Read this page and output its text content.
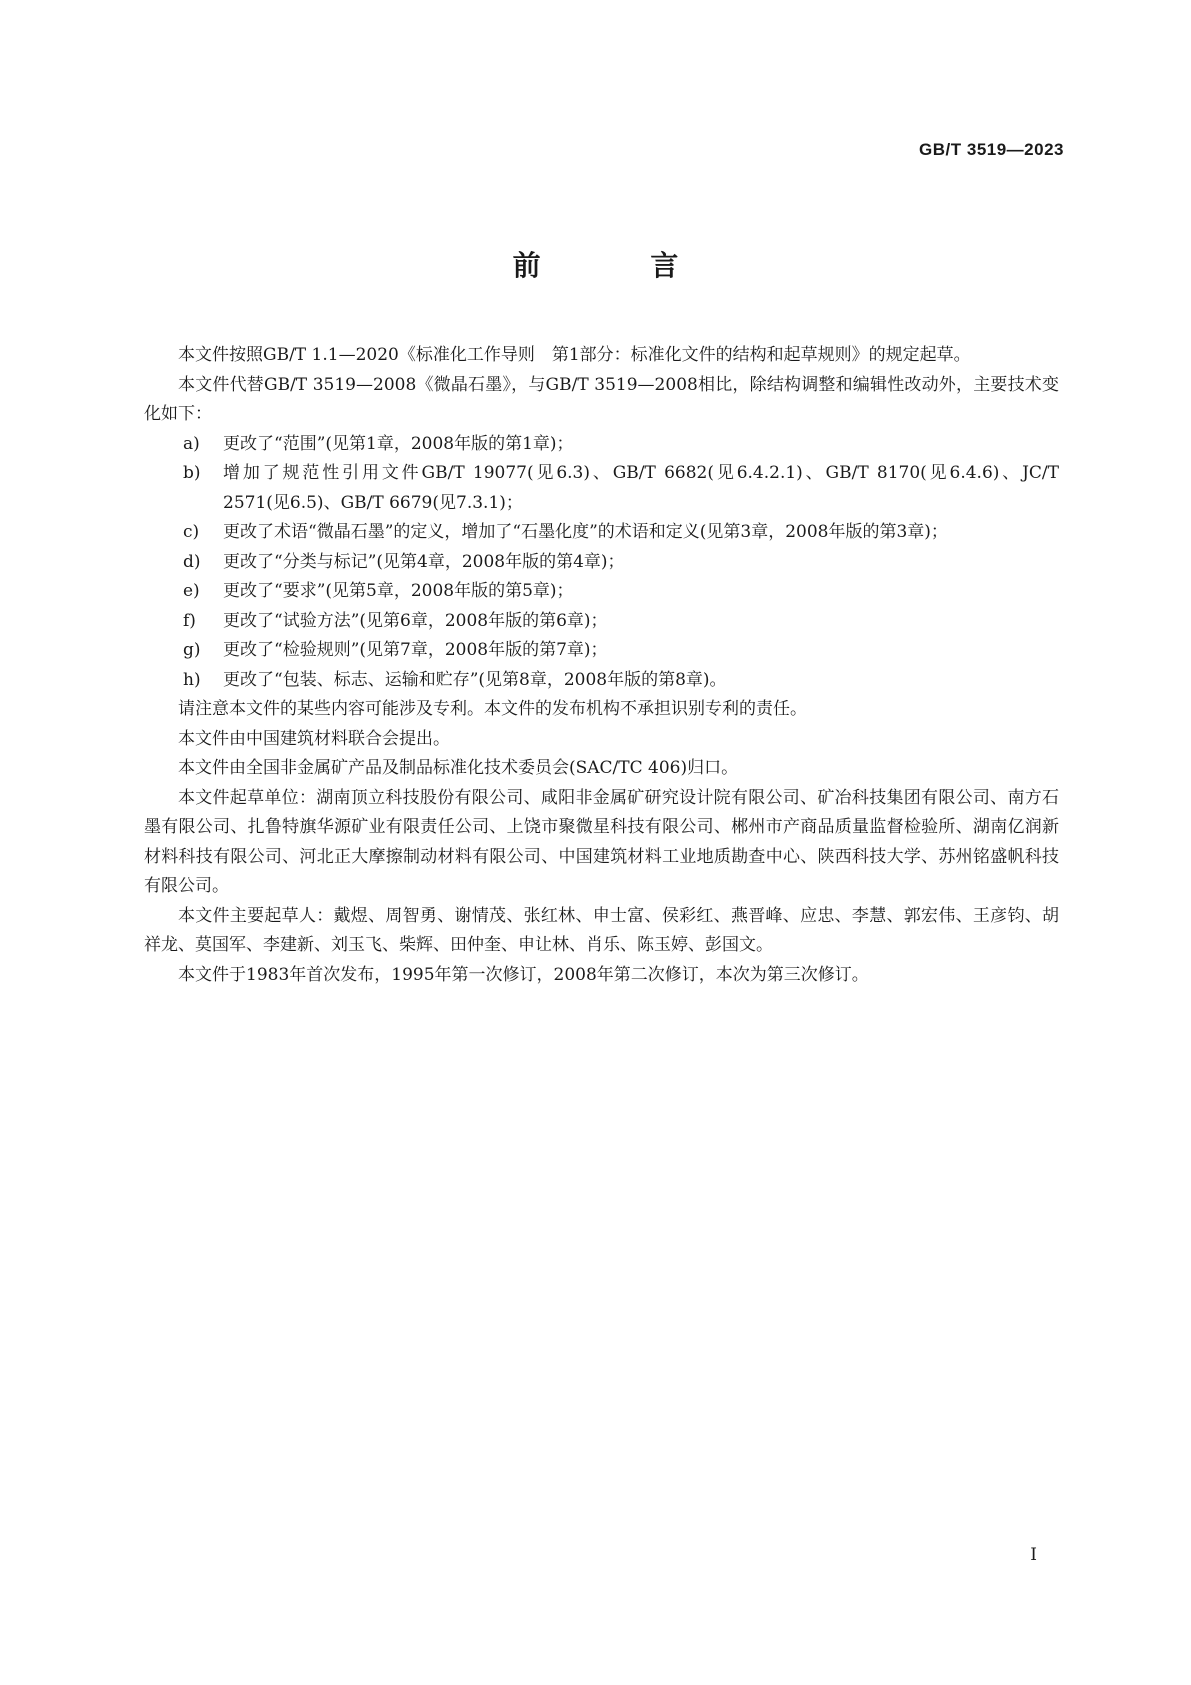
GB/T 3519—2023
前 言

本文件按照GB/T 1.1—2020《标准化工作导则　第1部分：标准化文件的结构和起草规则》的规定起草。

本文件代替GB/T 3519—2008《微晶石墨》，与GB/T 3519—2008相比，除结构调整和编辑性改动外，主要技术变化如下：

a)	更改了“范围”(见第1章，2008年版的第1章)；
b)	增加了规范性引用文件GB/T 19077(见6.3)、GB/T 6682(见6.4.2.1)、GB/T 8170(见6.4.6)、JC/T 2571(见6.5)、GB/T 6679(见7.3.1)；
c)	更改了术语“微晶石墨”的定义，增加了“石墨化度”的术语和定义(见第3章，2008年版的第3章)；
d)	更改了“分类与标记”(见第4章，2008年版的第4章)；
e)	更改了“要求”(见第5章，2008年版的第5章)；
f)	更改了“试验方法”(见第6章，2008年版的第6章)；
g)	更改了“检验规则”(见第7章，2008年版的第7章)；
h)	更改了“包装、标志、运输和贮存”(见第8章，2008年版的第8章)。

请注意本文件的某些内容可能涉及专利。本文件的发布机构不承担识别专利的责任。

本文件由中国建筑材料联合会提出。

本文件由全国非金属矿产品及制品标准化技术委员会(SAC/TC 406)归口。

本文件起草单位：湖南顶立科技股份有限公司、咸阳非金属矿研究设计院有限公司、矿冶科技集团有限公司、南方石墨有限公司、扎鲁特旗华源矿业有限责任公司、上饶市聚微星科技有限公司、郴州市产商品质量监督检验所、湖南亿润新材料科技有限公司、河北正大摩擦制动材料有限公司、中国建筑材料工业地质勘查中心、陕西科技大学、苏州铭盛帆科技有限公司。

本文件主要起草人：戴煜、周智勇、谢情茂、张红林、申士富、侯彩红、燕晋峰、应忠、李慧、郭宏伟、王彦钧、胡祥龙、莫国军、李建新、刘玉飞、柴辉、田仲奎、申让林、肖乐、陈玉婷、彭国文。

本文件于1983年首次发布，1995年第一次修订，2008年第二次修订，本次为第三次修订。

I
